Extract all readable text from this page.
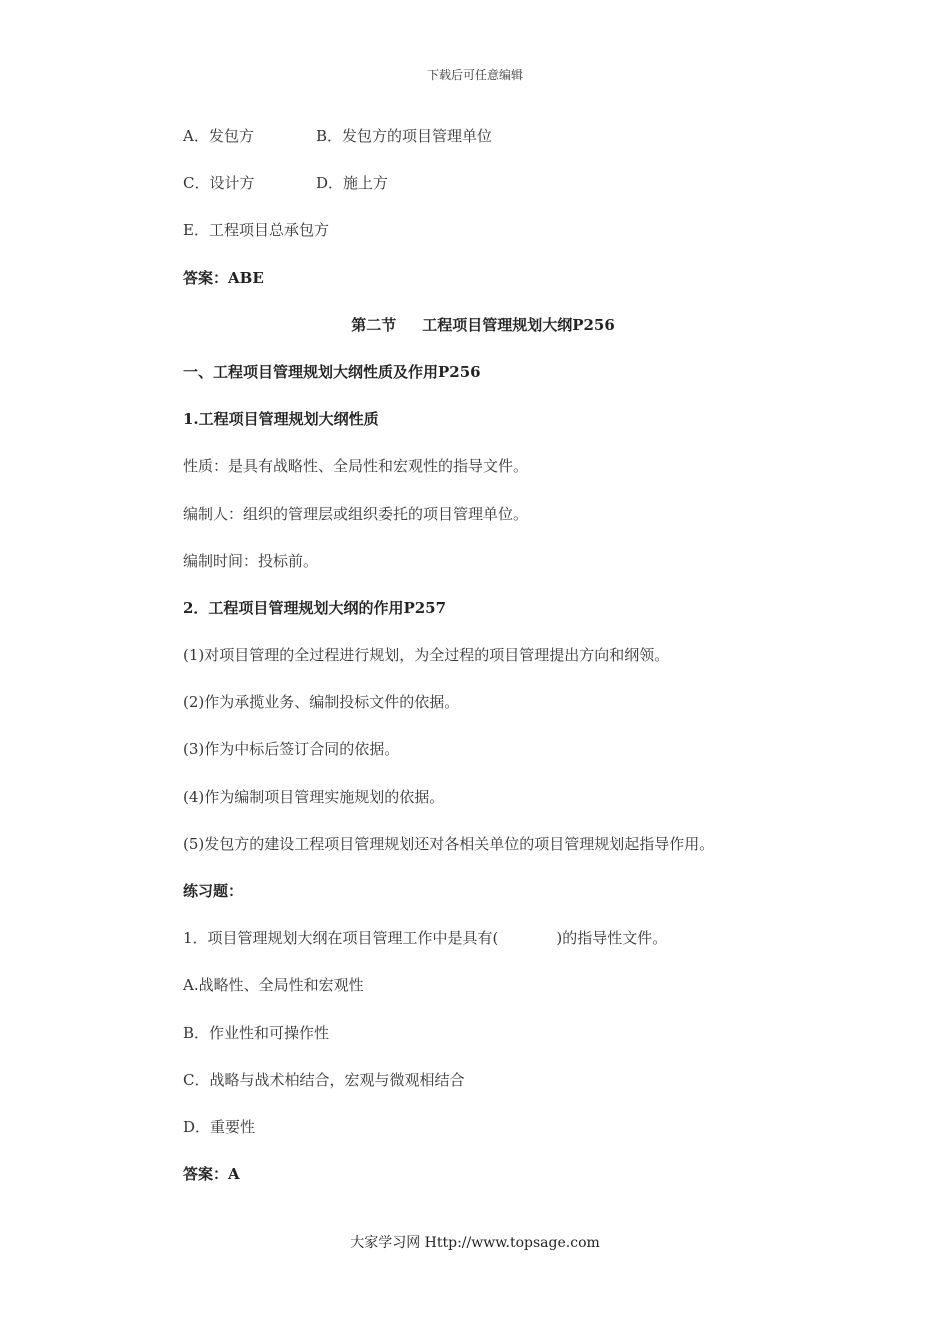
下载后可任意编辑
A．发包方	B．发包方的项目管理单位
C．设计方	D．施上方
E．工程项目总承包方
答案：ABE
第二节 工程项目管理规划大纲P256
一、工程项目管理规划大纲性质及作用P256
1.工程项目管理规划大纲性质
性质：是具有战略性、全局性和宏观性的指导文件。
编制人：组织的管理层或组织委托的项目管理单位。
编制时间：投标前。
2．工程项目管理规划大纲的作用P257
(1)对项目管理的全过程进行规划，为全过程的项目管理提出方向和纲领。
(2)作为承揽业务、编制投标文件的依据。
(3)作为中标后签订合同的依据。
(4)作为编制项目管理实施规划的依据。
(5)发包方的建设工程项目管理规划还对各相关单位的项目管理规划起指导作用。
练习题：
1．项目管理规划大纲在项目管理工作中是具有(	)的指导性文件。
A.战略性、全局性和宏观性
B．作业性和可操作性
C．战略与战术柏结合，宏观与微观相结合
D．重要性
答案：A
大家学习网 Http://www.topsage.com
